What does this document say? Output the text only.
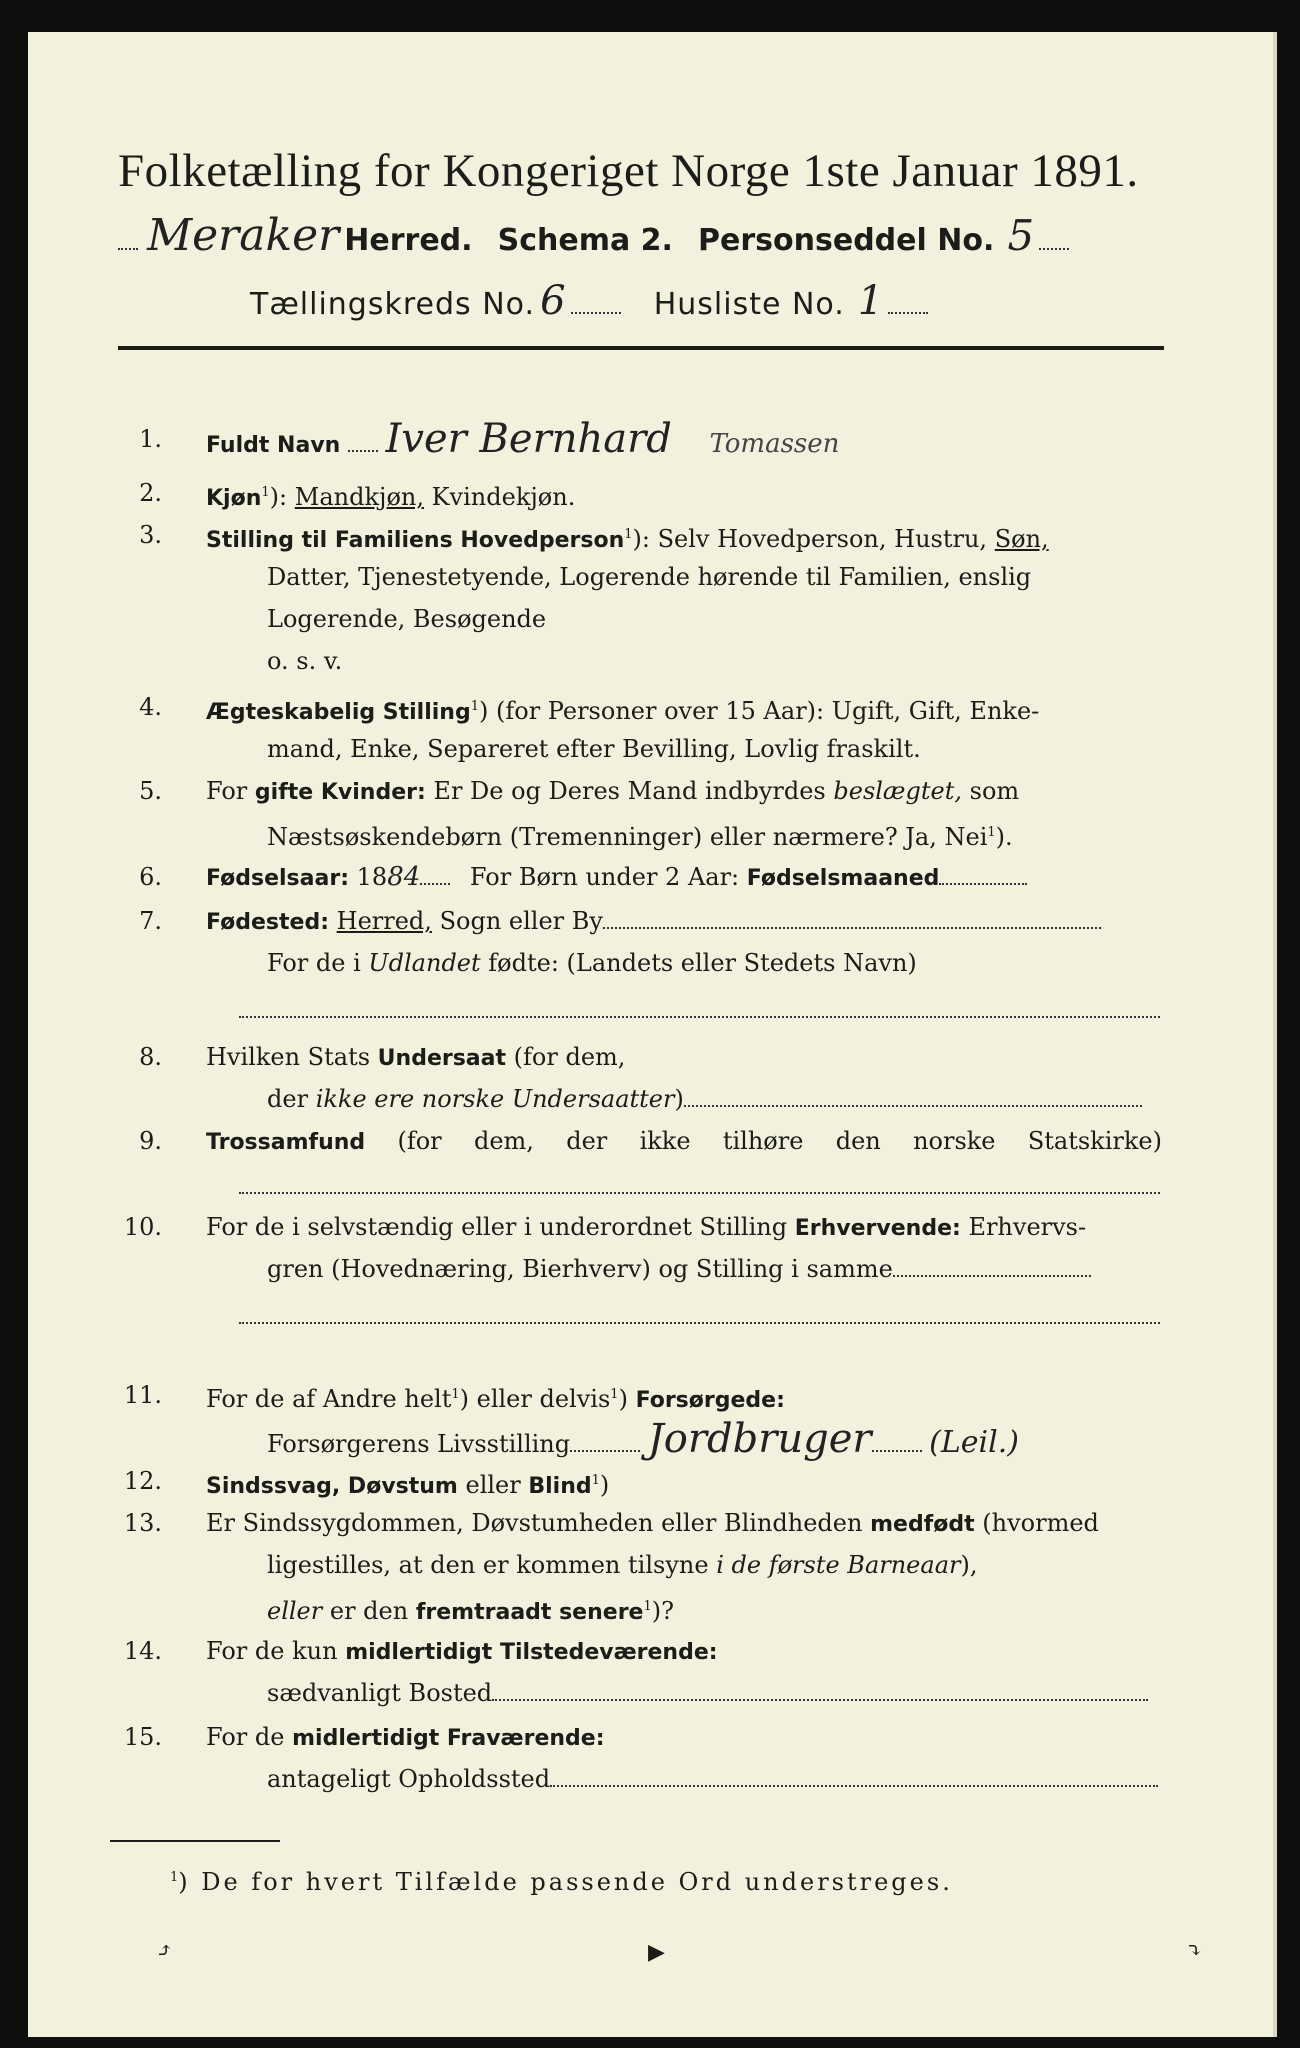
Folketælling for Kongeriget Norge 1ste Januar 1891.
Meraker Herred. Schema 2. Personseddel No. 5
Tællingskreds No. 6	Husliste No. 1
1. Fuldt Navn Iver Bernhard Tomassen
2. Kjøn$^1$): Mandkjøn, Kvindekjøn.
3. Stilling til Familiens Hovedperson$^1$): Selv Hovedperson, Hustru, Søn,
Datter, Tjenestetyende, Logerende hørende til Familien, enslig
Logerende, Besøgende
o. s. v.
4. Ægteskabelig Stilling$^1$) (for Personer over 15 Aar): Ugift, Gift, Enke-
mand, Enke, Separeret efter Bevilling, Lovlig fraskilt.
5. For gifte Kvinder: Er De og Deres Mand indbyrdes beslægtet, som
Næstsøskendebørn (Tremenninger) eller nærmere? Ja, Nei$^1$).
6. Fødselsaar: 1884 For Børn under 2 Aar: Fødselsmaaned
7. Fødested: Herred, Sogn eller By
For de i Udlandet fødte: (Landets eller Stedets Navn)
8. Hvilken Stats Undersaat (for dem,
der ikke ere norske Undersaatter)
9. Trossamfund (for dem, der ikke tilhøre den norske Statskirke)
10. For de i selvstændig eller i underordnet Stilling Erhvervende: Erhvervs-
gren (Hovednæring, Bierhverv) og Stilling i samme
11. For de af Andre helt$^1$) eller delvis$^1$) Forsørgede:
Forsørgerens Livsstilling Jordbruger (Leil.)
12. Sindssvag, Døvstum eller Blind$^1$)
13. Er Sindssygdommen, Døvstumheden eller Blindheden medfødt (hvormed
ligestilles, at den er kommen tilsyne i de første Barneaar),
eller er den fremtraadt senere$^1$)?
14. For de kun midlertidigt Tilstedeværende:
sædvanligt Bosted
15. For de midlertidigt Fraværende:
antageligt Opholdssted
$^1$) De for hvert Tilfælde passende Ord understreges.
⤴	▶	⤵
